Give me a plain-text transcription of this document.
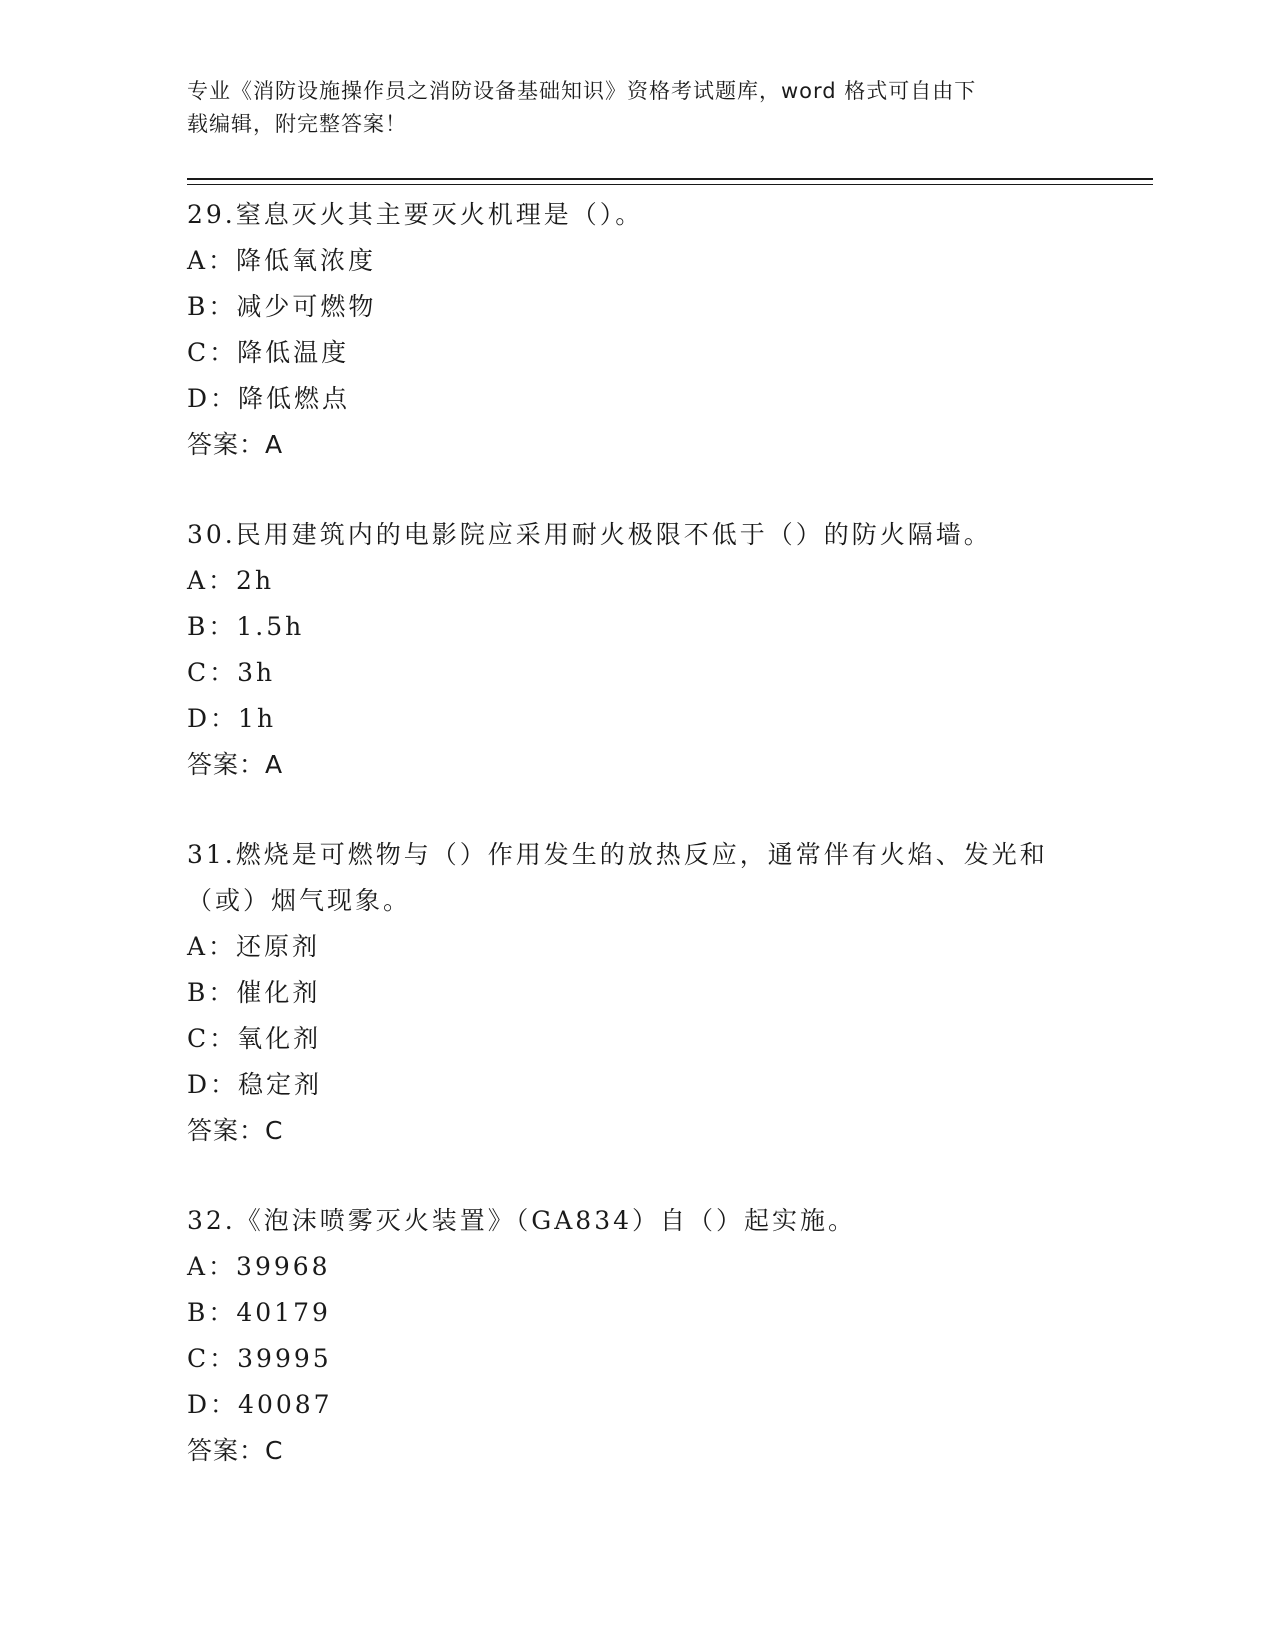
专业《消防设施操作员之消防设备基础知识》资格考试题库，word 格式可自由下
载编辑，附完整答案！
29.窒息灭火其主要灭火机理是（）。
A：降低氧浓度
B：减少可燃物
C：降低温度
D：降低燃点
答案：A
30.民用建筑内的电影院应采用耐火极限不低于（）的防火隔墙。
A：2h
B：1.5h
C：3h
D：1h
答案：A
31.燃烧是可燃物与（）作用发生的放热反应，通常伴有火焰、发光和（或）烟气现象。
A：还原剂
B：催化剂
C：氧化剂
D：稳定剂
答案：C
32.《泡沫喷雾灭火装置》（GA834）自（）起实施。
A：39968
B：40179
C：39995
D：40087
答案：C
